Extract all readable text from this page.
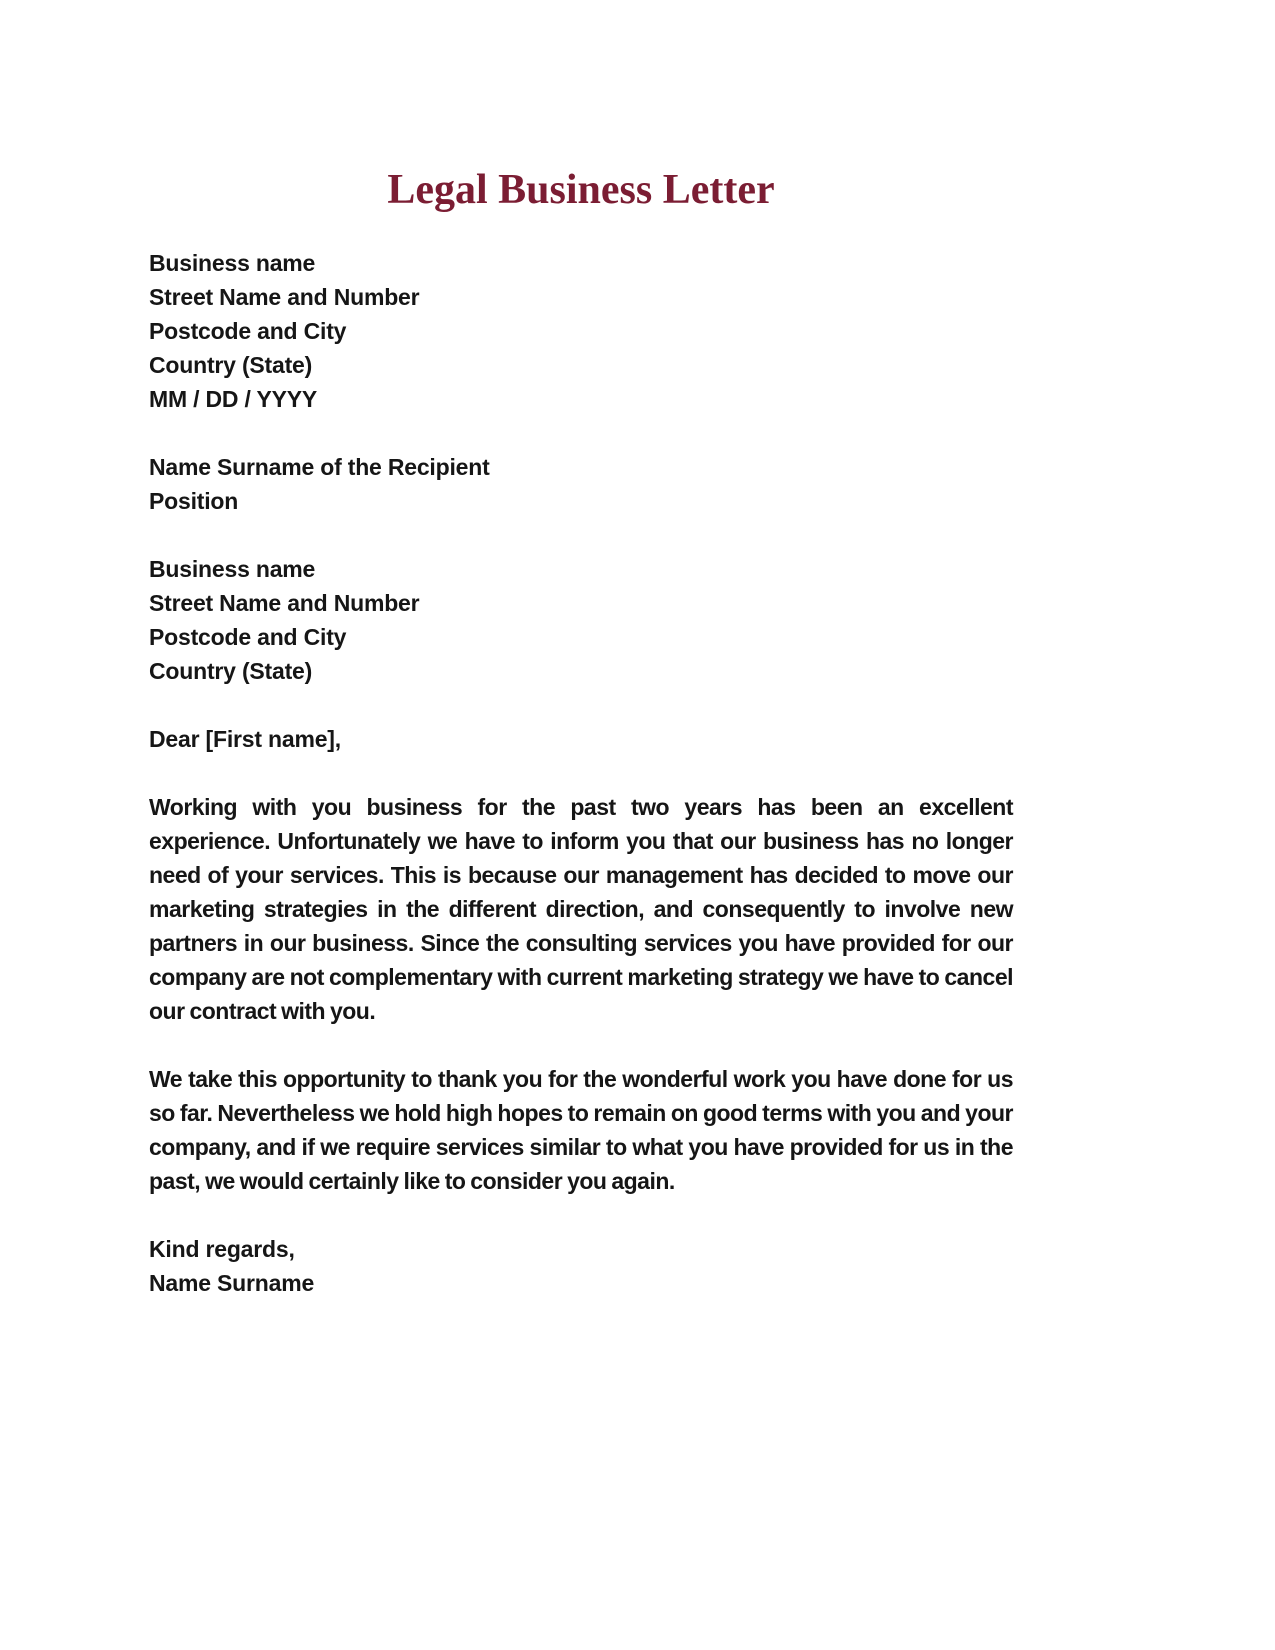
Legal Business Letter
Business name
Street Name and Number
Postcode and City
Country (State)
MM / DD / YYYY
Name Surname of the Recipient
Position
Business name
Street Name and Number
Postcode and City
Country (State)
Dear [First name],

Working with you business for the past two years has been an excellent experience. Unfortunately we have to inform you that our business has no longer need of your services. This is because our management has decided to move our marketing strategies in the different direction, and consequently to involve new partners in our business. Since the consulting services you have provided for our company are not complementary with current marketing strategy we have to cancel our contract with you.

We take this opportunity to thank you for the wonderful work you have done for us so far. Nevertheless we hold high hopes to remain on good terms with you and your company, and if we require services similar to what you have provided for us in the past, we would certainly like to consider you again.

Kind regards,
Name Surname
